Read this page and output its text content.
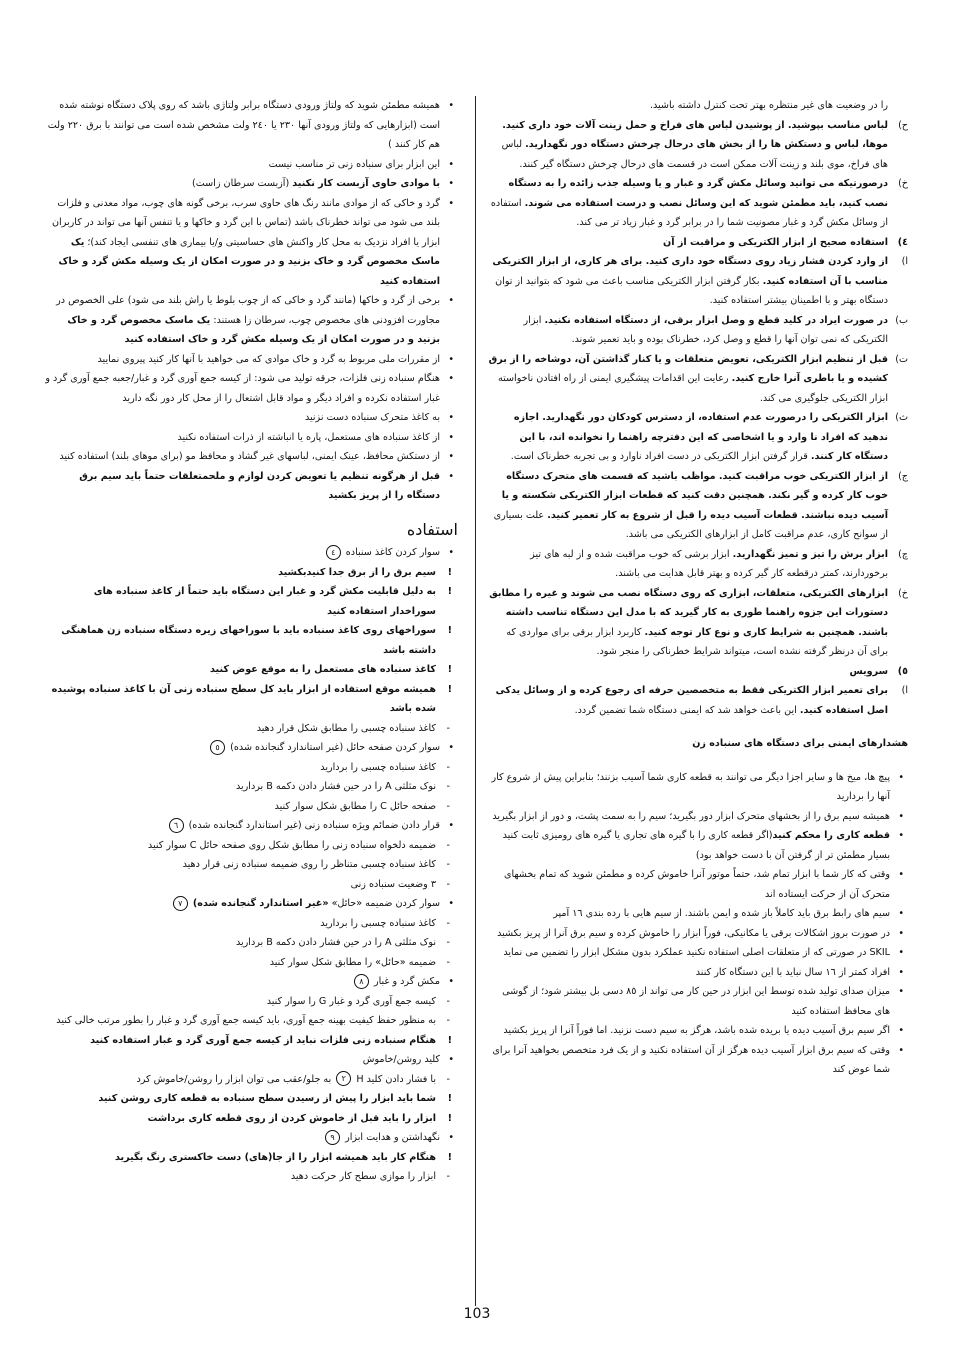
را در وضعیت های غیر منتظره بهتر تحت کنترل داشته باشید.

ح)
لباس مناسب بپوشید. از پوشیدن لباس های فراخ و حمل زینت آلات خود داری کنید. موها، لباس و دستکش ها را از بخش های درحال چرخش دستگاه دور نگهدارید. لباس های فراخ، موی بلند و زینت آلات ممکن است در قسمت های درحال چرخش دستگاه گیر کنند.

خ)
درصورتیکه می توانید وسائل مکش گرد و غبار و یا وسیله جذب زائده را به دستگاه نصب کنید، باید مطمئن شوید که این وسائل نصب و درست استفاده می شوند. استفاده از وسائل مکش گرد و غبار مصونیت شما را در برابر گرد و غبار زیاد تر می کند.

٤)
استفاده صحیح از ابزار الکتریکی و مراقبت از آن

ا)
از وارد کردن فشار زیاد روی دستگاه خود داری کنید. برای هر کاری، از ابزار الکتریکی مناسب با آن استفاده کنید. بکار گرفتن ابزار الکتریکی مناسب باعث می شود که بتوانید از توان دستگاه بهتر و با اطمینان بیشتر استفاده کنید.

ب)
در صورت ایراد در کلید قطع و وصل ابزار برقی، از دستگاه استفاده نکنید. ابزار الکتریکی که نمی توان آنها را قطع و وصل کرد، خطرناک بوده و باید تعمیر شوند.

ت)
قبل از تنظیم ابزار الکتریکی، تعویض متعلقات و یا کنار گذاشتن آن، دوشاخه را از برق کشیده و یا باطری آنرا خارج کنید. رعایت این اقدامات پیشگیری ایمنی از راه افتادن ناخواسته ابزار الکتریکی جلوگیری می کند.

ث)
ابزار الکتریکی را درصورت عدم استفاده، از دسترس کودکان دور نگهدارید. اجازه ندهید که افراد نا وارد و یا اشخاصی که این دفترچه راهنما را نخوانده اند، با این دستگاه کار کنند. قرار گرفتن ابزار الکتریکی در دست افراد ناوارد و بی تجربه خطرناک است.

ج)
از ابزار الکتریکی خوب مراقبت کنید. مواظب باشید که قسمت های متحرک دستگاه خوب کار کرده و گیر نکند. همچنین دقت کنید که قطعات ابزار الکتریکی شکسته و یا آسیب دیده نباشند. قطعات آسیب دیده را قبل از شروع به کار تعمیر کنید. علت بسیاری از سوانح کاری، عدم مراقبت کامل از ابزارهای الکتریکی می باشد.

چ)
ابزار برش را تیز و تمیز نگهدارید. ابزار برشی که خوب مراقبت شده و از لبه های تیز برخوردارند، کمتر درقطعه کار گیر کرده و بهتر قابل هدایت می باشند.

خ)
ابزارهای الکتریکی، متعلقات، ابزاری که روی دستگاه نصب می شوند و غیره را مطابق دستورات این جزوه راهنما طوری به کار گیرید که با مدل این دستگاه تناسب داشته باشند. همچنین به شرایط کاری و نوع کار توجه کنید. کاربرد ابزار برقی برای مواردی که برای آن درنظر گرفته نشده است، میتواند شرایط خطرناکی را منجر شود.

٥)
سرویس

ا)
برای تعمیر ابزار الکتریکی فقط به متخصصین حرفه ای رجوع کرده و از وسائل یدکی اصل استفاده کنید. این باعث خواهد شد که ایمنی دستگاه شما تضمین گردد.

هشدارهای ایمنی برای دستگاه های سنباده زن

• پیچ ها، میخ ها و سایر اجزا دیگر می توانند به قطعه کاری شما آسیب بزنند؛ بنابراین پیش از شروع کار آنها را بردارید

• همیشه سیم برق را از بخشهای متحرک ابزار دور بگیرید؛ سیم را به سمت پشت، و دور از ابزار بگیرید

• قطعه کاری را محکم کنید(اگر قطعه کاری را با گیره های تجاری یا گیره های رومیزی ثابت کنید بسیار مطمئن تر از گرفتن آن با دست خواهد بود)

• وقتی که کار شما با ابزار تمام شد، حتماً موتور آنرا خاموش کرده و مطمئن شوید که تمام بخشهای متحرک آن از حرکت ایستاده اند

• سیم های رابط برق باید کاملاً باز شده و ایمن باشند. از سیم هایی با رده بندی ١٦ آمپر

• در صورت بروز اشکالات برقی یا مکانیکی، فوراً ابزار را خاموش کرده و سیم برق آنرا از پریز بکشید

• SKIL در صورتی که از متعلقات اصلی استفاده نکنید عملکرد بدون مشکل ابزار را تضمین می نماید

• افراد کمتر از ١٦ سال نباید با این دستگاه کار کنند

• میزان صدای تولید شده توسط این ابزار در حین کار می تواند از ٨٥ دسی بل بیشتر شود؛ از گوشی های محافظ استفاده کنید

• اگر سیم برق آسیب دیده یا بریده شده باشد، هرگز به سیم دست نزنید. اما فوراً آنرا از پریز بکشید

• وقتی که سیم برق ابزار آسیب دیده هرگز از آن استفاده نکنید و از یک فرد متخصص بخواهید آنرا برای شما عوض کند

• همیشه مطمئن شوید که ولتاژ ورودی دستگاه برابر ولتاژی باشد که روی پلاک دستگاه نوشته شده است (ابزارهایی که ولتاژ ورودی آنها ٢٣٠ یا ٢٤٠ ولت مشخص شده است می توانند با برق ٢٢٠ ولت هم کار کنند )

• این ابزار برای سنباده زنی تر مناسب نیست

• با موادی حاوی آزبست کار نکنید (آزبست سرطان زاست)

• گرد و خاکی که از موادی مانند رنگ های حاوی سرب، برخی گونه های چوب، مواد معدنی و فلزات بلند می شود می تواند خطرناک باشد (تماس با این گرد و خاکها و یا تنفس آنها می تواند در کاربران ابزار یا افراد نزدیک به محل کار واکنش های حساسیتی و/یا بیماری های تنفسی ایجاد کند)؛ یک ماسک مخصوص گرد و خاک بزنید و در صورت امکان از یک وسیله مکش گرد و خاک استفاده کنید

• برخی از گرد و خاکها (مانند گرد و خاکی که از چوب بلوط یا راش بلند می شود) علی الخصوص در مجاورت افزودنی های مخصوص چوب، سرطان زا هستند: یک ماسک مخصوص گرد و خاک بزنید و در صورت امکان از یک وسیله مکش گرد و خاک استفاده کنید

• از مقررات ملی مربوط به گرد و خاک موادی که می خواهید با آنها کار کنید پیروی نمایید

• هنگام سنباده زنی فلزات، جرقه تولید می شود: از کیسه جمع آوری گرد و غبار/جعبه جمع آوری گرد و غبار استفاده نکرده و افراد دیگر و مواد قابل اشتعال را از محل کار دور نگه دارید

• به کاغذ متحرک سنباده دست نزنید

• از کاغذ سنباده های مستعمل، پاره یا انباشته از ذرات استفاده نکنید

• از دستکش محافظ، عینک ایمنی، لباسهای غیر گشاد و محافظ مو (برای موهای بلند) استفاده کنید

• قبل از هرگونه تنظیم یا تعویض کردن لوازم و ملحمتعلقات حتماً باید سیم برق دستگاه را از پریز بکشید

استفاده

• سوار کردن کاغذ سنباده ٤

! سیم برق را از برق جدا کنیدبکشید

! به دلیل قابلیت مکش گرد و غبار این دستگاه باید حتماً از کاغذ سنباده های سوراخدار استفاده کنید

! سوراخهای روی کاغذ سنباده باید با سوراخهای زیره دستگاه سنباده زن هماهنگی داشته باشد

! کاغذ سنباده های مستعمل را به موقع عوض کنید

! همیشه موقع استفاده از ابزار باید کل سطح سنباده زنی آن با کاغذ سنباده پوشیده شده باشد

- کاغذ سنباده چسبی را مطابق شکل قرار دهید

• سوار کردن صفحه حائل (غیر استاندارد گنجانده شده) ٥

- کاغذ سنباده چسبی را بردارید

- نوک مثلثی A را در حین فشار دادن دکمه B بردارید

- صفحه حائل C را مطابق شکل سوار کنید

• قرار دادن ضمائم ویژه سنباده زنی (غیر استاندارد گنجانده شده) ٦

- ضمیمه دلخواه سنباده زنی را مطابق شکل روی صفحه حائل C سوار کنید

- کاغذ سنباده چسبی متناظر را روی ضمیمه سنباده زنی قرار دهید

- ٣ وضعیت سنباده زنی

• سوار کردن ضمیمه «حائل» «غیر استاندارد گنجانده شده) ٧

- کاغذ سنباده چسبی را بردارید

- نوک مثلثی A را در حین فشار دادن دکمه B بردارید

- ضمیمه «حائل» را مطابق شکل سوار کنید

• مکش گرد و غبار ٨

- کیسه جمع آوری گرد و غبار G را سوار کنید

- به منظور حفظ کیفیت بهینه جمع آوری، باید کیسه جمع آوری گرد و غبار را بطور مرتب خالی کنید

! هنگام سنباده زنی فلزات نباید از کیسه جمع آوری گرد و غبار استفاده کنید

• کلید روشن/خاموش

- با فشار دادن کلید H ٢ به جلو/عقب می توان ابزار را روشن/خاموش کرد

! شما باید ابزار را پیش از رسیدن سطح سنباده به قطعه کاری روشن کنید

! ابزار را باید قبل از خاموش کردن از روی قطعه کاری برداشت

• نگهداشتن و هدایت ابزار ٩

! هنگام کار باید همیشه ابزار را از جا(های) دست خاکستری رنگ بگیرید

- ابزار را موازی سطح کار حرکت دهید

103
